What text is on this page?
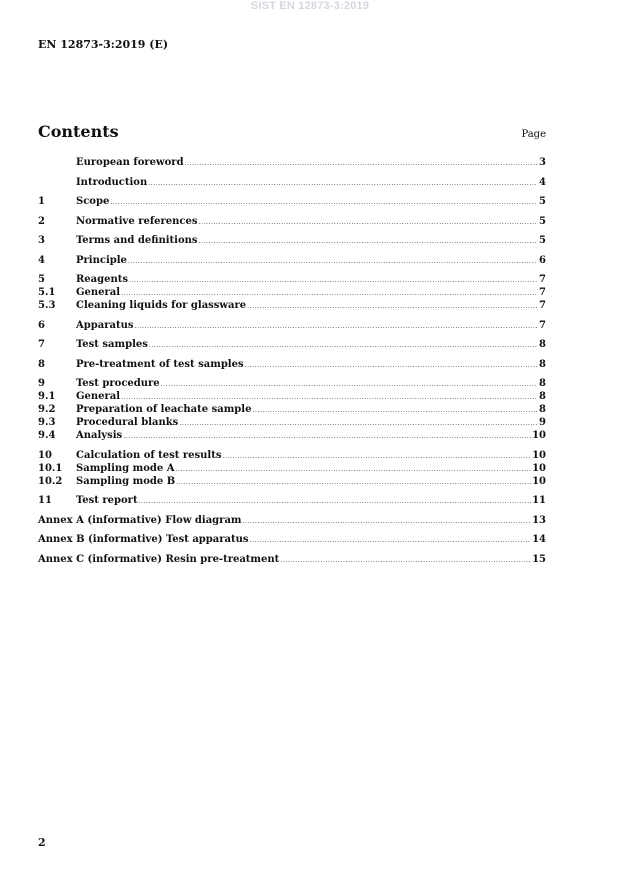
SIST EN 12873-3:2019
EN 12873-3:2019 (E)
Contents	Page
European foreword .....	3
Introduction .....	4
1	Scope .....	5
2	Normative references .....	5
3	Terms and definitions .....	5
4	Principle .....	6
5	Reagents .....	7
5.1	General .....	7
5.3	Cleaning liquids for glassware .....	7
6	Apparatus .....	7
7	Test samples .....	8
8	Pre-treatment of test samples .....	8
9	Test procedure .....	8
9.1	General .....	8
9.2	Preparation of leachate sample .....	8
9.3	Procedural blanks .....	9
9.4	Analysis .....	10
10	Calculation of test results .....	10
10.1	Sampling mode A .....	10
10.2	Sampling mode B .....	10
11	Test report .....	11
Annex A (informative) Flow diagram .....	13
Annex B (informative) Test apparatus .....	14
Annex C (informative) Resin pre-treatment .....	15
2
